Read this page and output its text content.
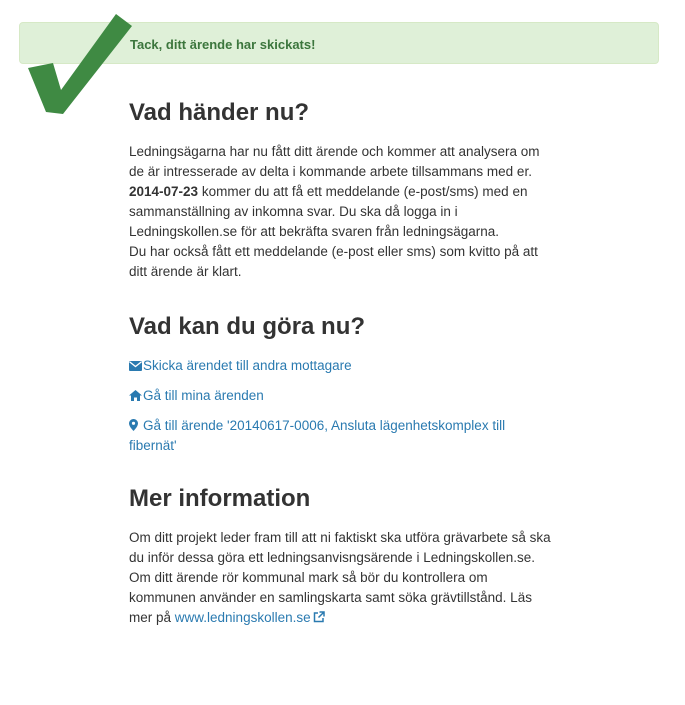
Tack, ditt ärende har skickats!
Vad händer nu?

Ledningsägarna har nu fått ditt ärende och kommer att analysera om de är intresserade av delta i kommande arbete tillsammans med er.
2014-07-23 kommer du att få ett meddelande (e-post/sms) med en sammanställning av inkomna svar. Du ska då logga in i Ledningskollen.se för att bekräfta svaren från ledningsägarna.
Du har också fått ett meddelande (e-post eller sms) som kvitto på att ditt ärende är klart.

Vad kan du göra nu?
Skicka ärendet till andra mottagare
Gå till mina ärenden
Gå till ärende '20140617-0006, Ansluta lägenhetskomplex till fibernät'
Mer information

Om ditt projekt leder fram till att ni faktiskt ska utföra grävarbete så ska du inför dessa göra ett ledningsanvisngsärende i Ledningskollen.se. Om ditt ärende rör kommunal mark så bör du kontrollera om kommunen använder en samlingskarta samt söka grävtillstånd. Läs mer på www.ledningskollen.se
